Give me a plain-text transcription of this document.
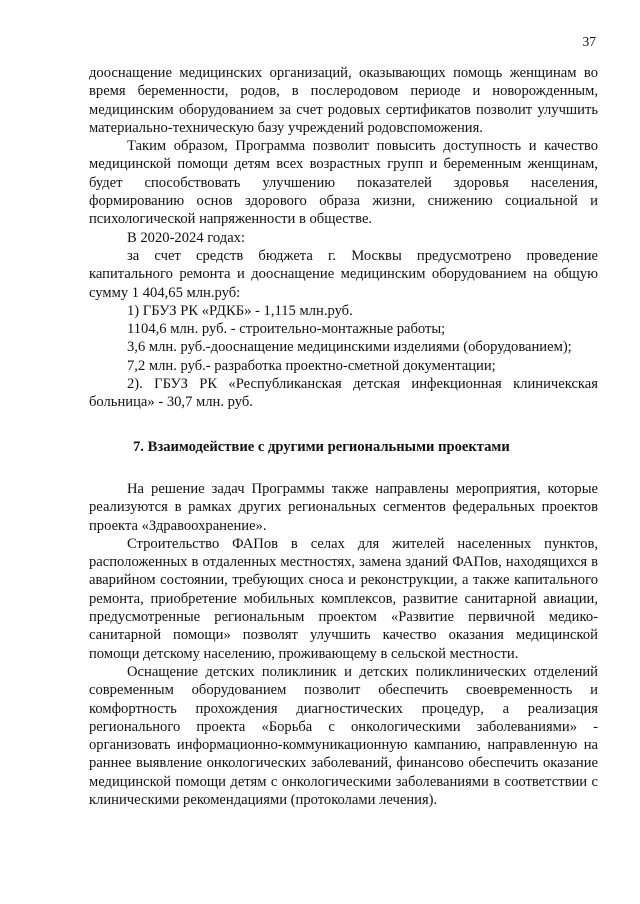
37

дооснащение медицинских организаций, оказывающих помощь женщинам во время беременности, родов, в послеродовом периоде и новорожденным, медицинским оборудованием за счет родовых сертификатов позволит улучшить материально-техническую базу учреждений родовспоможения.

Таким образом, Программа позволит повысить доступность и качество медицинской помощи детям всех возрастных групп и беременным женщинам, будет способствовать улучшению показателей здоровья населения, формированию основ здорового образа жизни, снижению социальной и психологической напряженности в обществе.

В 2020-2024 годах:

за счет средств бюджета г. Москвы предусмотрено проведение капитального ремонта и дооснащение медицинским оборудованием на общую сумму 1 404,65 млн.руб:

1) ГБУЗ РК «РДКБ» - 1,115 млн.руб.

1104,6 млн. руб. - строительно-монтажные работы;

3,6 млн. руб.-дооснащение медицинскими изделиями (оборудованием);

7,2 млн. руб.- разработка проектно-сметной документации;

2). ГБУЗ РК «Республиканская детская инфекционная клиничекская больница» - 30,7 млн. руб.

7. Взаимодействие с другими региональными проектами

На решение задач Программы также направлены мероприятия, которые реализуются в рамках других региональных сегментов федеральных проектов проекта «Здравоохранение».

Строительство ФАПов в селах для жителей населенных пунктов, расположенных в отдаленных местностях, замена зданий ФАПов, находящихся в аварийном состоянии, требующих сноса и реконструкции, а также капитального ремонта, приобретение мобильных комплексов, развитие санитарной авиации, предусмотренные региональным проектом «Развитие первичной медико-санитарной помощи» позволят улучшить качество оказания медицинской помощи детскому населению, проживающему в сельской местности.

Оснащение детских поликлиник и детских поликлинических отделений современным оборудованием позволит обеспечить своевременность и комфортность прохождения диагностических процедур, а реализация регионального проекта «Борьба с онкологическими заболеваниями» - организовать информационно-коммуникационную кампанию, направленную на раннее выявление онкологических заболеваний, финансово обеспечить оказание медицинской помощи детям с онкологическими заболеваниями в соответствии с клиническими рекомендациями (протоколами лечения).
